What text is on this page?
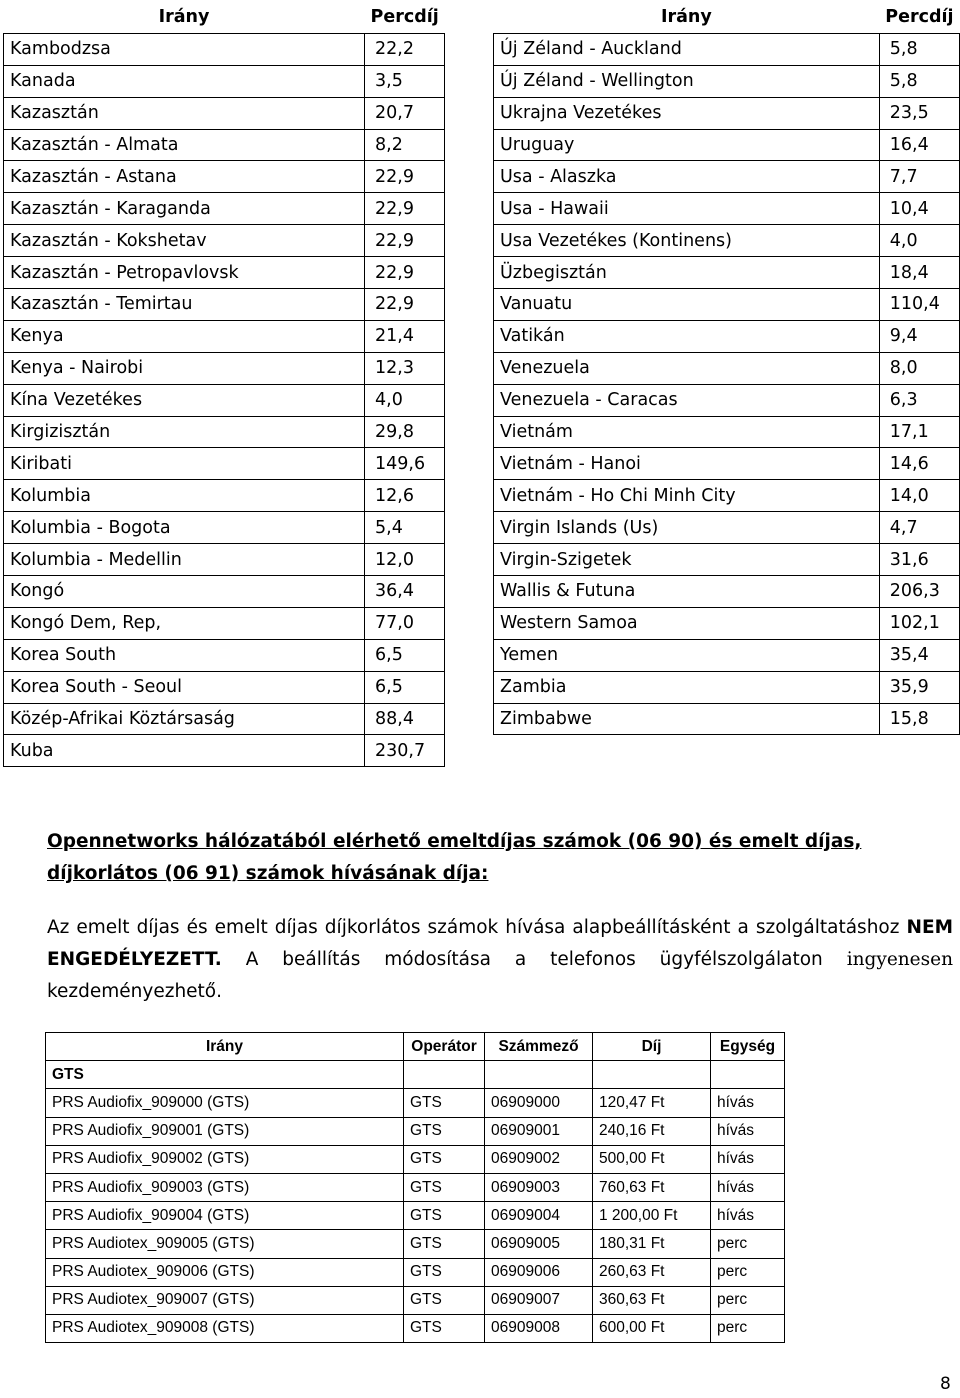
Irány	Percdíj
Kambodzsa	22,2
Kanada	3,5
Kazasztán	20,7
Kazasztán - Almata	8,2
Kazasztán - Astana	22,9
Kazasztán - Karaganda	22,9
Kazasztán - Kokshetav	22,9
Kazasztán - Petropavlovsk	22,9
Kazasztán - Temirtau	22,9
Kenya	21,4
Kenya - Nairobi	12,3
Kína Vezetékes	4,0
Kirgizisztán	29,8
Kiribati	149,6
Kolumbia	12,6
Kolumbia - Bogota	5,4
Kolumbia - Medellin	12,0
Kongó	36,4
Kongó Dem, Rep,	77,0
Korea South	6,5
Korea South - Seoul	6,5
Közép-Afrikai Köztársaság	88,4
Kuba	230,7
Irány	Percdíj
Új Zéland - Auckland	5,8
Új Zéland - Wellington	5,8
Ukrajna Vezetékes	23,5
Uruguay	16,4
Usa - Alaszka	7,7
Usa - Hawaii	10,4
Usa Vezetékes (Kontinens)	4,0
Üzbegisztán	18,4
Vanuatu	110,4
Vatikán	9,4
Venezuela	8,0
Venezuela - Caracas	6,3
Vietnám	17,1
Vietnám - Hanoi	14,6
Vietnám - Ho Chi Minh City	14,0
Virgin Islands (Us)	4,7
Virgin-Szigetek	31,6
Wallis & Futuna	206,3
Western Samoa	102,1
Yemen	35,4
Zambia	35,9
Zimbabwe	15,8

Opennetworks hálózatából elérhető emeltdíjas számok (06 90) és emelt díjas, díjkorlátos (06 91) számok hívásának díja:

Az emelt díjas és emelt díjas díjkorlátos számok hívása alapbeállításként a szolgáltatáshoz NEM ENGEDÉLYEZETT. A beállítás módosítása a telefonos ügyfélszolgálaton ingyenesen kezdeményezhető.

Irány	Operátor	Számmező	Díj	Egység
GTS				
PRS Audiofix_909000 (GTS)	GTS	06909000	120,47 Ft	hívás
PRS Audiofix_909001 (GTS)	GTS	06909001	240,16 Ft	hívás
PRS Audiofix_909002 (GTS)	GTS	06909002	500,00 Ft	hívás
PRS Audiofix_909003 (GTS)	GTS	06909003	760,63 Ft	hívás
PRS Audiofix_909004 (GTS)	GTS	06909004	1 200,00 Ft	hívás
PRS Audiotex_909005 (GTS)	GTS	06909005	180,31 Ft	perc
PRS Audiotex_909006 (GTS)	GTS	06909006	260,63 Ft	perc
PRS Audiotex_909007 (GTS)	GTS	06909007	360,63 Ft	perc
PRS Audiotex_909008 (GTS)	GTS	06909008	600,00 Ft	perc
8
